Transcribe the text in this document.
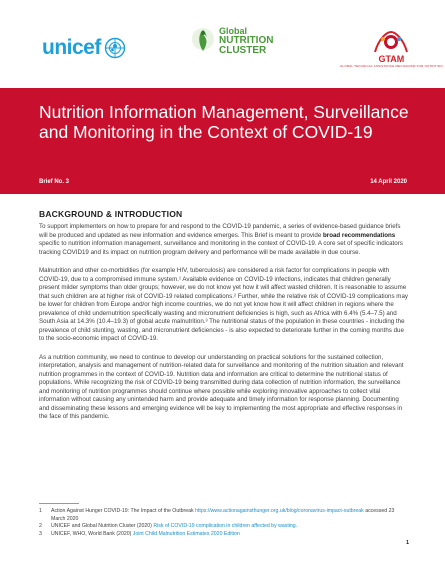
unicef
Global
NUTRITION
CLUSTER
GTAM
GLOBAL TECHNICAL ASSISTANCE MECHANISM FOR NUTRITION
Nutrition Information Management, Surveillance and Monitoring in the Context of COVID-19
Brief No. 3	14 April 2020
BACKGROUND & INTRODUCTION

To support implementers on how to prepare for and respond to the COVID-19 pandemic, a series of evidence-based guidance briefs will be produced and updated as new information and evidence emerges. This Brief is meant to provide broad recommendations specific to nutrition information management, surveillance and monitoring in the context of COVID-19. A core set of specific indicators tracking COVID19 and its impact on nutrition program delivery and performance will be made available in due course.

Malnutrition and other co-morbidities (for example HIV, tuberculosis) are considered a risk factor for complications in people with COVID-19, due to a compromised immune system.¹ Available evidence on COVID-19 infections, indicates that children generally present milder symptoms than older groups; however, we do not know yet how it will affect wasted children. It is reasonable to assume that such children are at higher risk of COVID-19 related complications.² Further, while the relative risk of COVID-19 complications may be lower for children from Europe and/or high income countries, we do not yet know how it will affect children in regions where the prevalence of child undernutrition specifically wasting and micronutrient deficiencies is high, such as Africa with 6.4% (5.4–7.5) and South Asia at 14.3% (10.4–19.3) of global acute malnutrition.³ The nutritional status of the population in these countries - including the prevalence of child stunting, wasting, and micronutrient deficiencies - is also expected to deteriorate further in the coming months due to the socio-economic impact of COVID-19.

As a nutrition community, we need to continue to develop our understanding on practical solutions for the sustained collection, interpretation, analysis and management of nutrition-related data for surveillance and monitoring of the nutrition situation and relevant nutrition programmes in the context of COVID-19. Nutrition data and information are critical to determine the nutritional status of populations. While recognizing the risk of COVID-19 being transmitted during data collection of nutrition information, the surveillance and monitoring of nutrition programmes should continue where possible while exploring innovative approaches to collect vital information without causing any unintended harm and provide adequate and timely information for response planning. Documenting and disseminating these lessons and emerging evidence will be key to implementing the most appropriate and effective responses in the face of this pandemic.

1	Action Against Hunger COVID-19: The Impact of the Outbreak https://www.actionagainsthunger.org.uk/blog/coronavirus-impact-outbreak accessed 23 March 2020
2	UNICEF and Global Nutrition Cluster (2020) Risk of COVID-19 complication in children affected by wasting.
3	UNICEF, WHO, World Bank (2020) Joint Child Malnutrition Estimates 2020 Edition
1
